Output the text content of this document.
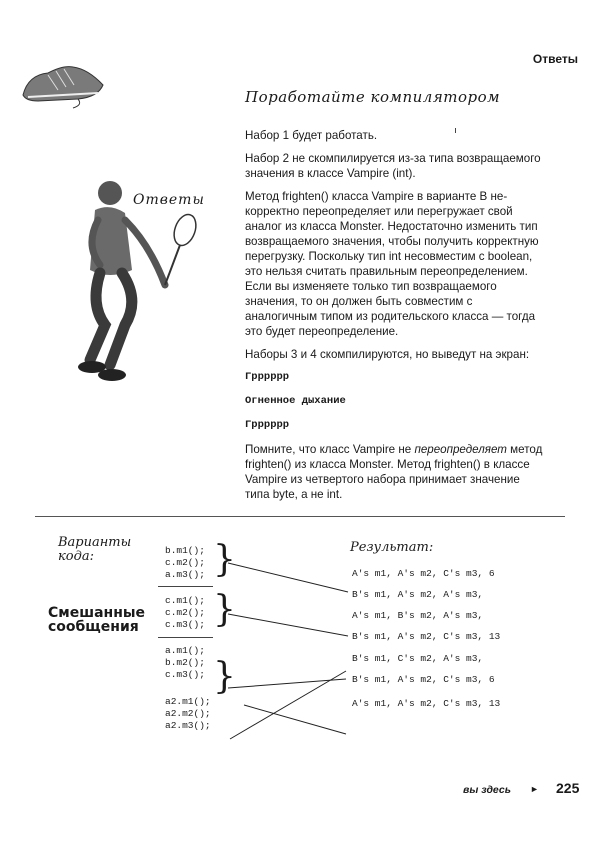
Ответы
Поработайте компилятором
Ответы

Набор 1 будет работать.

Набор 2 не скомпилируется из-за типа возвращаемого значения в классе Vampire (int).

Метод frighten() класса Vampire в варианте B некорректно переопределяет или перегружает свой аналог из класса Monster. Недостаточно изменить тип возвращаемого значения, чтобы получить корректную перегрузку. Поскольку тип int несовместим с boolean, это нельзя считать правильным переопределением. Если вы изменяете только тип возвращаемого значения, то он должен быть совместим с аналогичным типом из родительского класса — тогда это будет переопределение.

Наборы 3 и 4 скомпилируются, но выведут на экран:

Грррррр
Огненное дыхание
Грррррр

Помните, что класс Vampire не переопределяет метод frighten() из класса Monster. Метод frighten() в классе Vampire из четвертого набора принимает значение типа byte, а не int.

Варианты
кода:
Смешанные
сообщения
Результат:
b.m1();
c.m2();
a.m3();
c.m1();
c.m2();
c.m3();
a.m1();
b.m2();
c.m3();
a2.m1();
a2.m2();
a2.m3();
}
}
}
A's m1, A's m2, C's m3, 6
B's m1, A's m2, A's m3,
A's m1, B's m2, A's m3,
B's m1, A's m2, C's m3, 13
B's m1, C's m2, A's m3,
B's m1, A's m2, C's m3, 6
A's m1, A's m2, C's m3, 13
вы здесь ► 225
